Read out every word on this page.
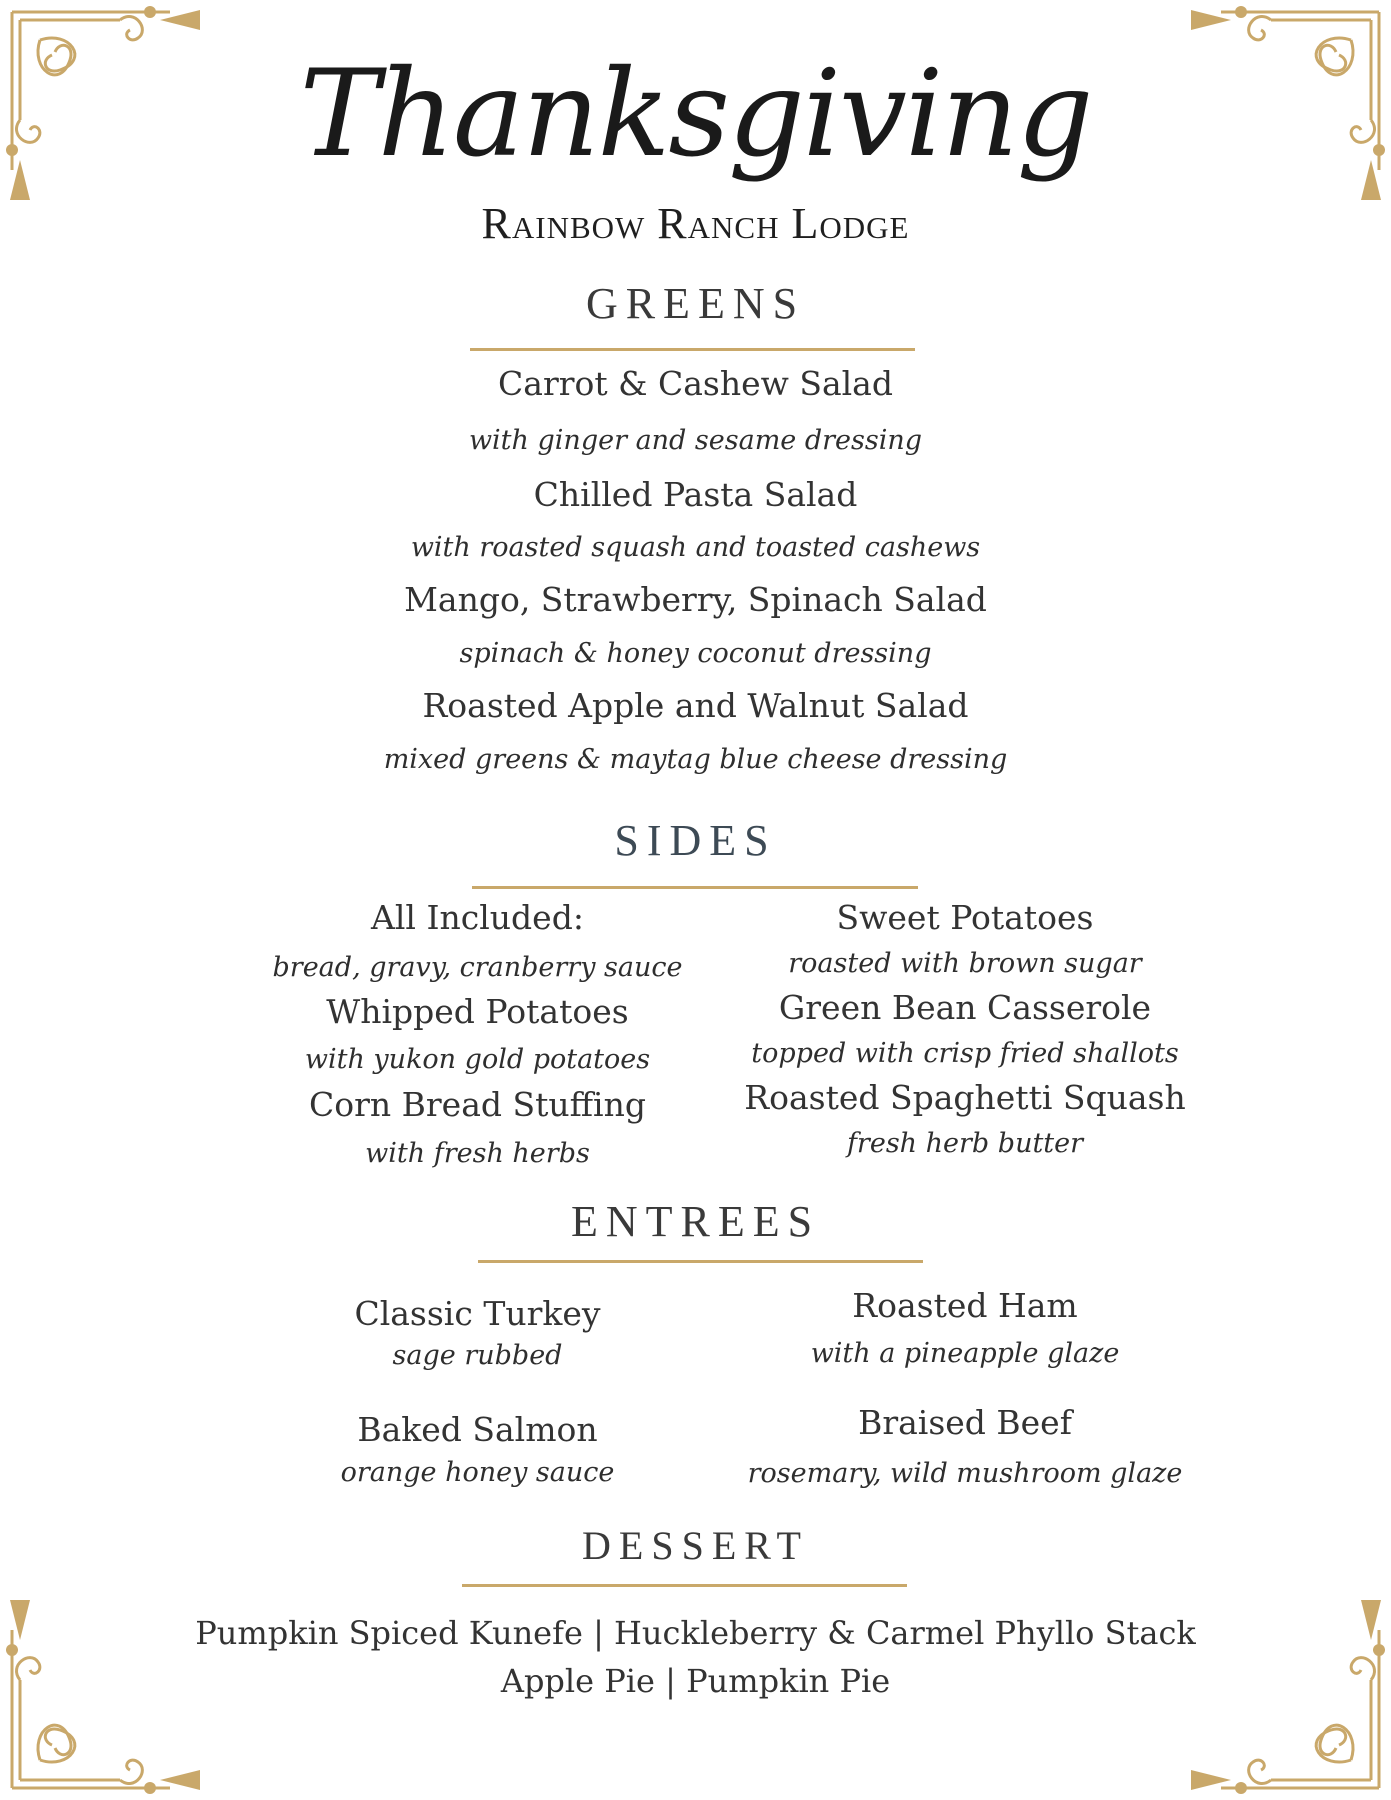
Thanksgiving
Rainbow Ranch Lodge
GREENS
Carrot & Cashew Salad
with ginger and sesame dressing
Chilled Pasta Salad
with roasted squash and toasted cashews
Mango, Strawberry, Spinach Salad
spinach & honey coconut dressing
Roasted Apple and Walnut Salad
mixed greens & maytag blue cheese dressing
SIDES
All Included:
bread, gravy, cranberry sauce
Whipped Potatoes
with yukon gold potatoes
Corn Bread Stuffing
with fresh herbs
Sweet Potatoes
roasted with brown sugar
Green Bean Casserole
topped with crisp fried shallots
Roasted Spaghetti Squash
fresh herb butter
ENTREES
Classic Turkey
sage rubbed
Baked Salmon
orange honey sauce
Roasted Ham
with a pineapple glaze
Braised Beef
rosemary, wild mushroom glaze
DESSERT
Pumpkin Spiced Kunefe | Huckleberry & Carmel Phyllo Stack
Apple Pie | Pumpkin Pie
